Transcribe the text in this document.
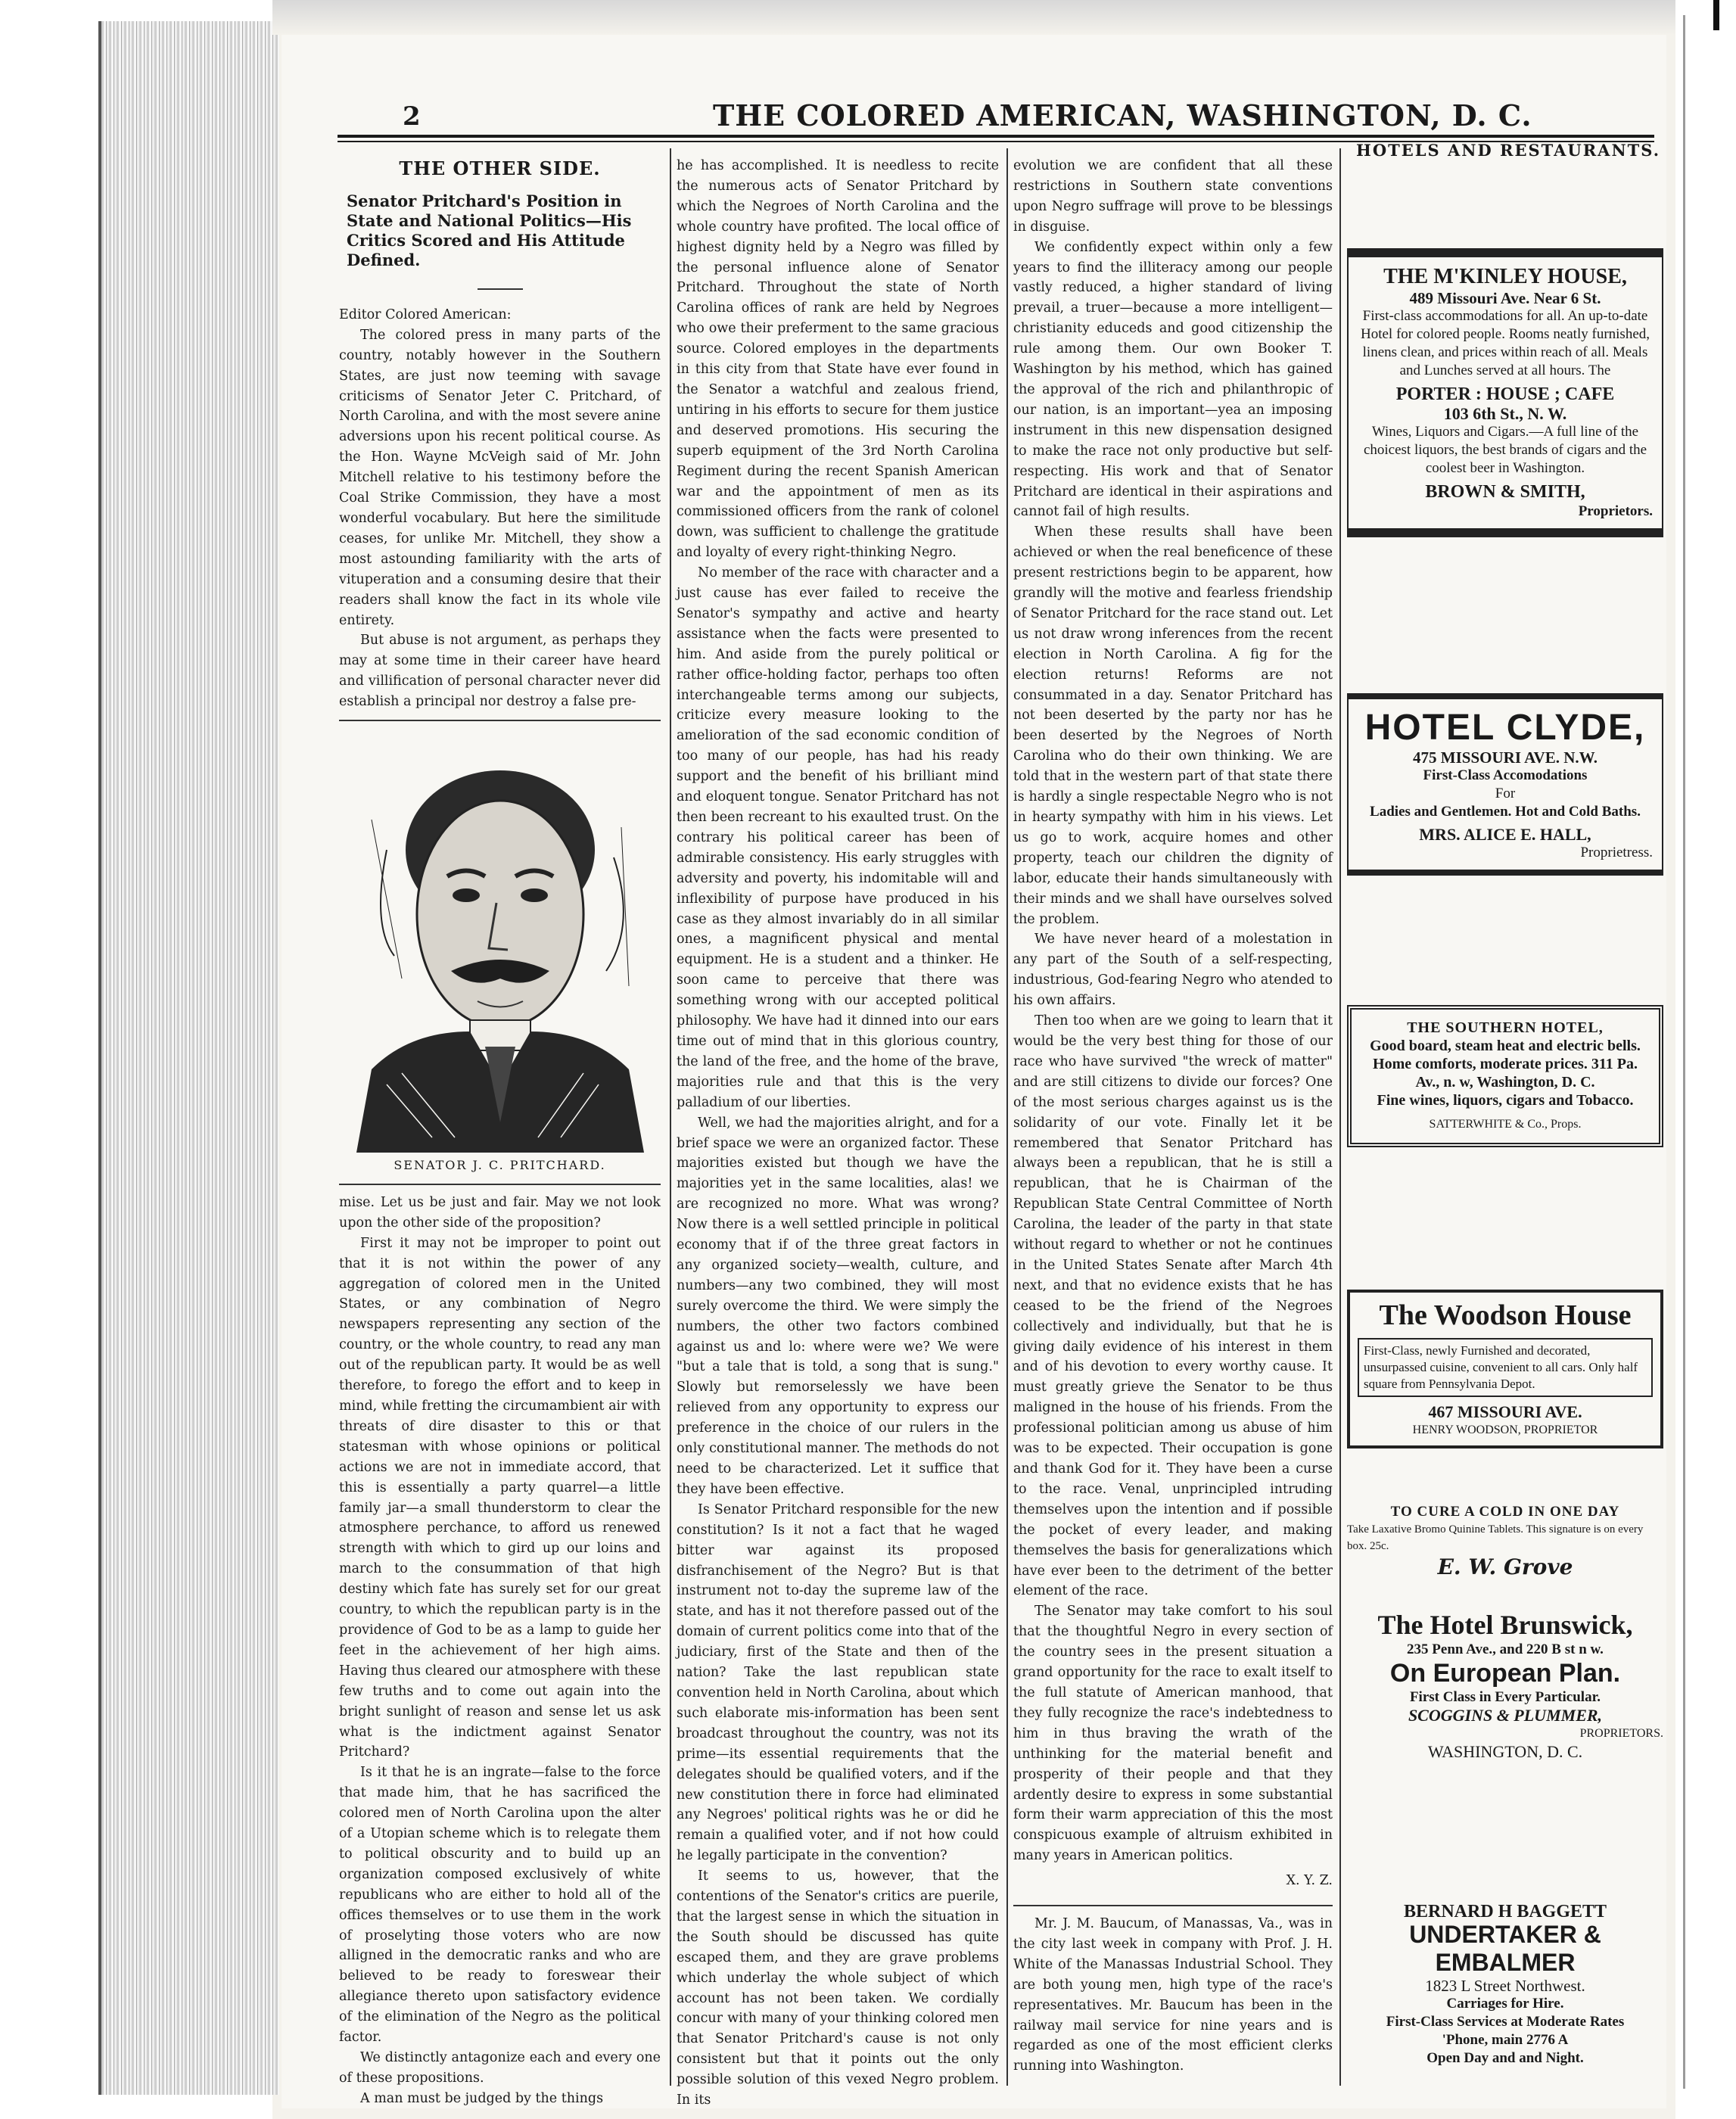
2	THE COLORED AMERICAN, WASHINGTON, D. C.
THE OTHER SIDE.
Senator Pritchard's Position in State and National Politics—His Critics Scored and His Attitude Defined.

Editor Colored American:

The colored press in many parts of the country, notably however in the Southern States, are just now teeming with savage criticisms of Senator Jeter C. Pritchard, of North Carolina, and with the most severe anine adversions upon his recent political course. As the Hon. Wayne McVeigh said of Mr. John Mitchell relative to his testimony before the Coal Strike Commission, they have a most wonderful vocabulary. But here the similitude ceases, for unlike Mr. Mitchell, they show a most astounding familiarity with the arts of vituperation and a consuming desire that their readers shall know the fact in its whole vile entirety.

But abuse is not argument, as perhaps they may at some time in their career have heard and villification of personal character never did establish a principal nor destroy a false pre-

SENATOR J. C. PRITCHARD.

mise. Let us be just and fair. May we not look upon the other side of the proposition?

First it may not be improper to point out that it is not within the power of any aggregation of colored men in the United States, or any combination of Negro newspapers representing any section of the country, or the whole country, to read any man out of the republican party. It would be as well therefore, to forego the effort and to keep in mind, while fretting the circumambient air with threats of dire disaster to this or that statesman with whose opinions or political actions we are not in immediate accord, that this is essentially a party quarrel—a little family jar—a small thunderstorm to clear the atmosphere perchance, to afford us renewed strength with which to gird up our loins and march to the consummation of that high destiny which fate has surely set for our great country, to which the republican party is in the providence of God to be as a lamp to guide her feet in the achievement of her high aims. Having thus cleared our atmosphere with these few truths and to come out again into the bright sunlight of reason and sense let us ask what is the indictment against Senator Pritchard?

Is it that he is an ingrate—false to the force that made him, that he has sacrificed the colored men of North Carolina upon the alter of a Utopian scheme which is to relegate them to political obscurity and to build up an organization composed exclusively of white republicans who are either to hold all of the offices themselves or to use them in the work of proselyting those voters who are now alligned in the democratic ranks and who are believed to be ready to foreswear their allegiance thereto upon satisfactory evidence of the elimination of the Negro as the political factor.

We distinctly antagonize each and every one of these propositions.

A man must be judged by the things

he has accomplished. It is needless to recite the numerous acts of Senator Pritchard by which the Negroes of North Carolina and the whole country have profited. The local office of highest dignity held by a Negro was filled by the personal influence alone of Senator Pritchard. Throughout the state of North Carolina offices of rank are held by Negroes who owe their preferment to the same gracious source. Colored employes in the departments in this city from that State have ever found in the Senator a watchful and zealous friend, untiring in his efforts to secure for them justice and deserved promotions. His securing the superb equipment of the 3rd North Carolina Regiment during the recent Spanish American war and the appointment of men as its commissioned officers from the rank of colonel down, was sufficient to challenge the gratitude and loyalty of every right-thinking Negro.

No member of the race with character and a just cause has ever failed to receive the Senator's sympathy and active and hearty assistance when the facts were presented to him. And aside from the purely political or rather office-holding factor, perhaps too often interchangeable terms among our subjects, criticize every measure looking to the amelioration of the sad economic condition of too many of our people, has had his ready support and the benefit of his brilliant mind and eloquent tongue. Senator Pritchard has not then been recreant to his exaulted trust. On the contrary his political career has been of admirable consistency. His early struggles with adversity and poverty, his indomitable will and inflexibility of purpose have produced in his case as they almost invariably do in all similar ones, a magnificent physical and mental equipment. He is a student and a thinker. He soon came to perceive that there was something wrong with our accepted political philosophy. We have had it dinned into our ears time out of mind that in this glorious country, the land of the free, and the home of the brave, majorities rule and that this is the very palladium of our liberties.

Well, we had the majorities alright, and for a brief space we were an organized factor. These majorities existed but though we have the majorities yet in the same localities, alas! we are recognized no more. What was wrong? Now there is a well settled principle in political economy that if of the three great factors in any organized society—wealth, culture, and numbers—any two combined, they will most surely overcome the third. We were simply the numbers, the other two factors combined against us and lo: where were we? We were "but a tale that is told, a song that is sung." Slowly but remorselessly we have been relieved from any opportunity to express our preference in the choice of our rulers in the only constitutional manner. The methods do not need to be characterized. Let it suffice that they have been effective.

Is Senator Pritchard responsible for the new constitution? Is it not a fact that he waged bitter war against its proposed disfranchisement of the Negro? But is that instrument not to-day the supreme law of the state, and has it not therefore passed out of the domain of current politics come into that of the judiciary, first of the State and then of the nation? Take the last republican state convention held in North Carolina, about which such elaborate mis-information has been sent broadcast throughout the country, was not its prime—its essential requirements that the delegates should be qualified voters, and if the new constitution there in force had eliminated any Negroes' political rights was he or did he remain a qualified voter, and if not how could he legally participate in the convention?

It seems to us, however, that the contentions of the Senator's critics are puerile, that the largest sense in which the situation in the South should be discussed has quite escaped them, and they are grave problems which underlay the whole subject of which account has not been taken. We cordially concur with many of your thinking colored men that Senator Pritchard's cause is not only consistent but that it points out the only possible solution of this vexed Negro problem. In its

evolution we are confident that all these restrictions in Southern state conventions upon Negro suffrage will prove to be blessings in disguise.

We confidently expect within only a few years to find the illiteracy among our people vastly reduced, a higher standard of living prevail, a truer—because a more intelligent—christianity educeds and good citizenship the rule among them. Our own Booker T. Washington by his method, which has gained the approval of the rich and philanthropic of our nation, is an important—yea an imposing instrument in this new dispensation designed to make the race not only productive but self-respecting. His work and that of Senator Pritchard are identical in their aspirations and cannot fail of high results.

When these results shall have been achieved or when the real beneficence of these present restrictions begin to be apparent, how grandly will the motive and fearless friendship of Senator Pritchard for the race stand out. Let us not draw wrong inferences from the recent election in North Carolina. A fig for the election returns! Reforms are not consummated in a day. Senator Pritchard has not been deserted by the party nor has he been deserted by the Negroes of North Carolina who do their own thinking. We are told that in the western part of that state there is hardly a single respectable Negro who is not in hearty sympathy with him in his views. Let us go to work, acquire homes and other property, teach our children the dignity of labor, educate their hands simultaneously with their minds and we shall have ourselves solved the problem.

We have never heard of a molestation in any part of the South of a self-respecting, industrious, God-fearing Negro who atended to his own affairs.

Then too when are we going to learn that it would be the very best thing for those of our race who have survived "the wreck of matter" and are still citizens to divide our forces? One of the most serious charges against us is the solidarity of our vote. Finally let it be remembered that Senator Pritchard has always been a republican, that he is still a republican, that he is Chairman of the Republican State Central Committee of North Carolina, the leader of the party in that state without regard to whether or not he continues in the United States Senate after March 4th next, and that no evidence exists that he has ceased to be the friend of the Negroes collectively and individually, but that he is giving daily evidence of his interest in them and of his devotion to every worthy cause. It must greatly grieve the Senator to be thus maligned in the house of his friends. From the professional politician among us abuse of him was to be expected. Their occupation is gone and thank God for it. They have been a curse to the race. Venal, unprincipled intruding themselves upon the intention and if possible the pocket of every leader, and making themselves the basis for generalizations which have ever been to the detriment of the better element of the race.

The Senator may take comfort to his soul that the thoughtful Negro in every section of the country sees in the present situation a grand opportunity for the race to exalt itself to the full statute of American manhood, that they fully recognize the race's indebtedness to him in thus braving the wrath of the unthinking for the material benefit and prosperity of their people and that they ardently desire to express in some substantial form their warm appreciation of this the most conspicuous example of altruism exhibited in many years in American politics.

X. Y. Z.

Mr. J. M. Baucum, of Manassas, Va., was in the city last week in company with Prof. J. H. White of the Manassas Industrial School. They are both young men, high type of the race's representatives. Mr. Baucum has been in the railway mail service for nine years and is regarded as one of the most efficient clerks running into Washington.

HOTELS AND RESTAURANTS.
THE M'KINLEY HOUSE,
489 Missouri Ave. Near 6 St.
First-class accommodations for all. An up-to-date Hotel for colored people. Rooms neatly furnished, linens clean, and prices within reach of all. Meals and Lunches served at all hours. The
PORTER : HOUSE ; CAFE
103 6th St., N. W.
Wines, Liquors and Cigars.—A full line of the choicest liquors, the best brands of cigars and the coolest beer in Washington.
BROWN & SMITH,
Proprietors.
HOTEL CLYDE,
475 MISSOURI AVE. N.W.
First-Class Accomodations
For
Ladies and Gentlemen. Hot and Cold Baths.
MRS. ALICE E. HALL,
Proprietress.
THE SOUTHERN HOTEL,
Good board, steam heat and electric bells. Home comforts, moderate prices. 311 Pa. Av., n. w, Washington, D. C.
Fine wines, liquors, cigars and Tobacco.
SATTERWHITE & Co., Props.
The Woodson House
First-Class, newly Furnished and decorated, unsurpassed cuisine, convenient to all cars. Only half square from Pennsylvania Depot.
467 MISSOURI AVE.
HENRY WOODSON, PROPRIETOR
TO CURE A COLD IN ONE DAY
Take Laxative Bromo Quinine Tablets. This signature is on every box. 25c.
E. W. Grove
The Hotel Brunswick,
235 Penn Ave., and 220 B st n w.
On European Plan.
First Class in Every Particular.
SCOGGINS & PLUMMER,
PROPRIETORS.
WASHINGTON, D. C.
BERNARD H BAGGETT
UNDERTAKER & EMBALMER
1823 L Street Northwest.
Carriages for Hire.
First-Class Services at Moderate Rates
'Phone, main 2776 A
Open Day and and Night.
